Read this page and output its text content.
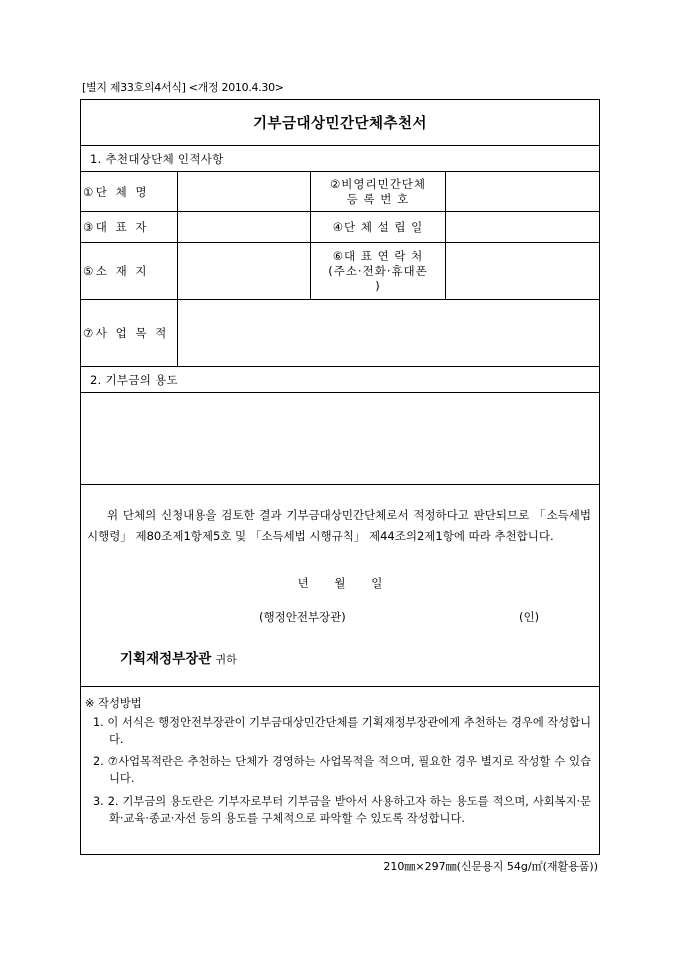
[별지 제33호의4서식] <개정 2010.4.30>
기부금대상민간단체추천서
1. 추천대상단체 인적사항
①단 체 명
②비영리민간단체
등 록 번 호
③대 표 자	④단 체 설 립 일
⑤소 재 지
⑥대 표 연 락 처
(주소·전화·휴대폰
)
⑦사 업 목 적
2. 기부금의 용도
위 단체의 신청내용을 검토한 결과 기부금대상민간단체로서 적정하다고 판단되므로 「소득세법 시행령」 제80조제1항제5호 및 「소득세법 시행규칙」 제44조의2제1항에 따라 추천합니다.
년 월 일
(행정안전부장관)	(인)
기획재정부장관 귀하
※ 작성방법
1. 이 서식은 행정안전부장관이 기부금대상민간단체를 기획재정부장관에게 추천하는 경우에 작성합니다.
2. ⑦사업목적란은 추천하는 단체가 경영하는 사업목적을 적으며, 필요한 경우 별지로 작성할 수 있습니다.
3. 2. 기부금의 용도란은 기부자로부터 기부금을 받아서 사용하고자 하는 용도를 적으며, 사회복지·문화·교육·종교·자선 등의 용도를 구체적으로 파악할 수 있도록 작성합니다.
210㎜×297㎜(신문용지 54g/㎡(재활용품))
